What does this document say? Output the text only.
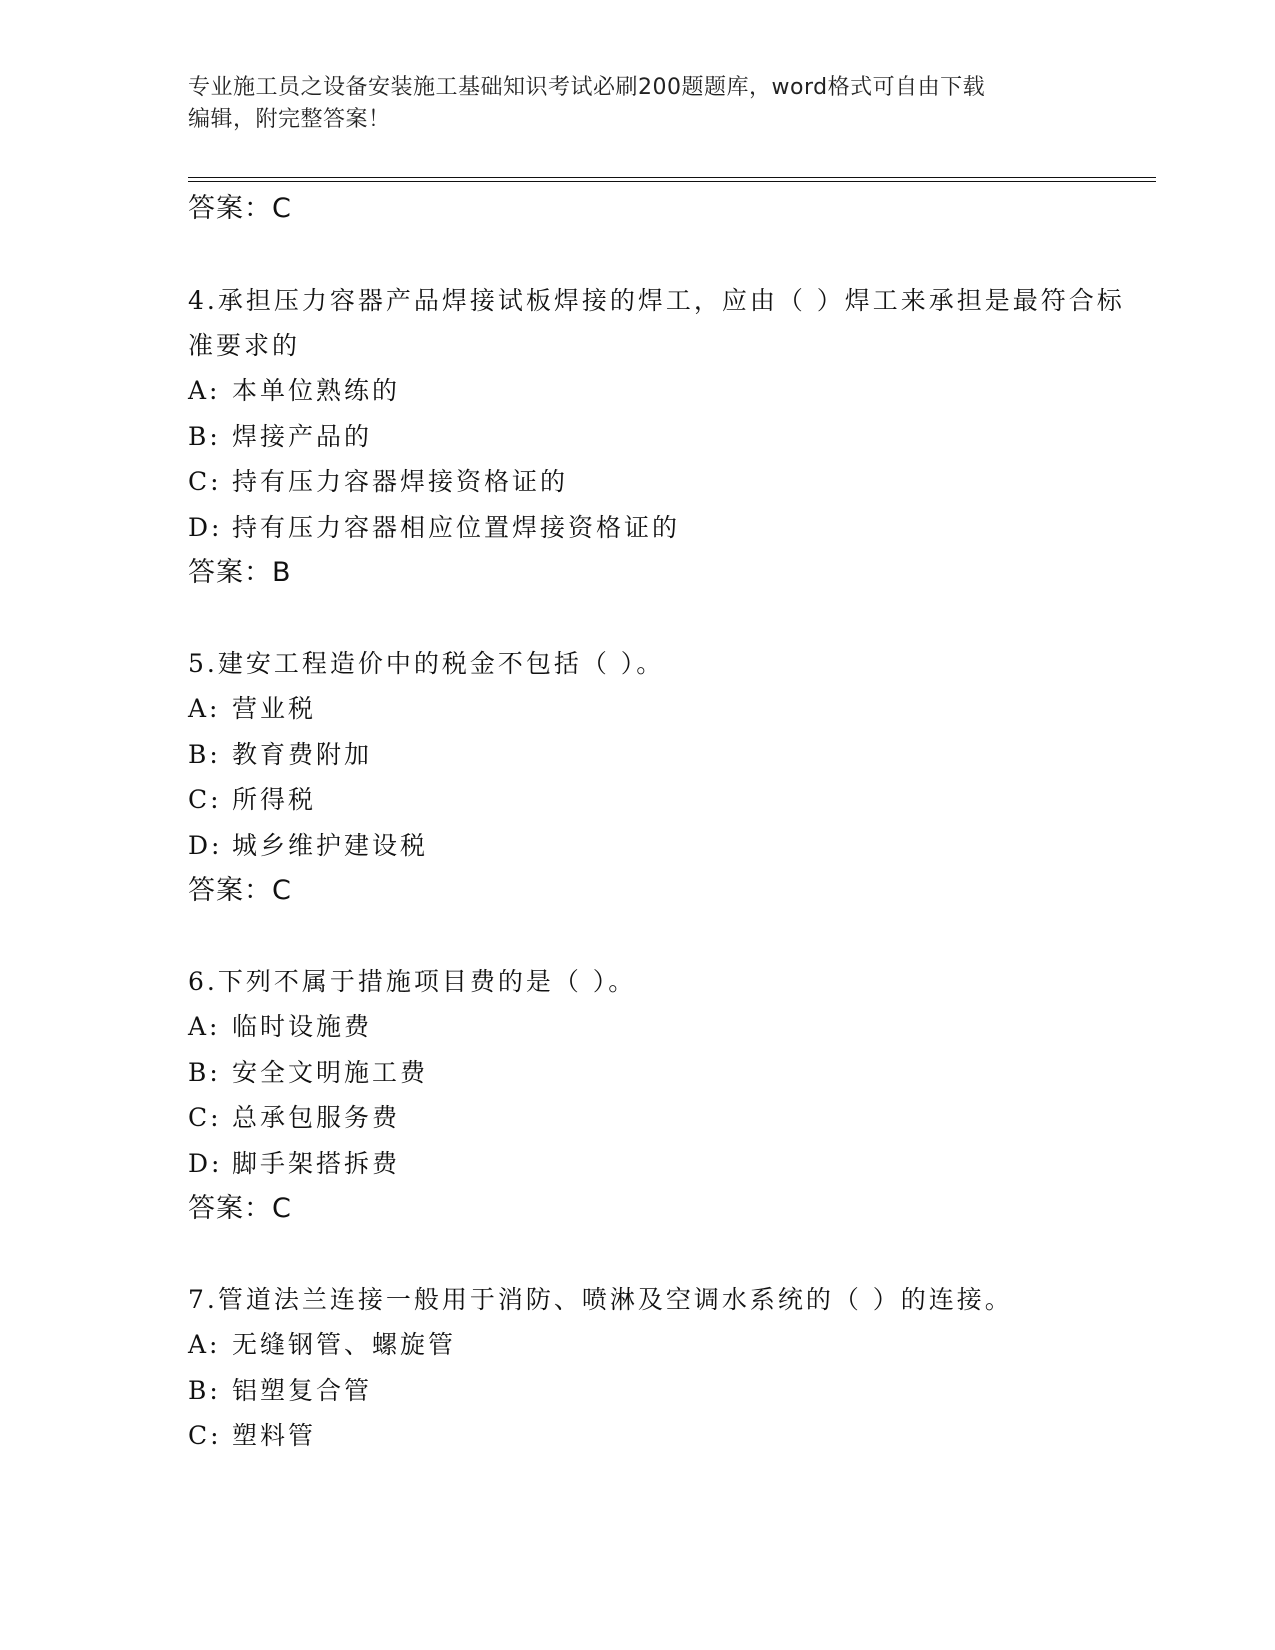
专业施工员之设备安装施工基础知识考试必刷200题题库，word格式可自由下载
编辑，附完整答案！
答案：C
4.承担压力容器产品焊接试板焊接的焊工，应由（ ）焊工来承担是最符合标准要求的
A: 本单位熟练的
B: 焊接产品的
C: 持有压力容器焊接资格证的
D: 持有压力容器相应位置焊接资格证的
答案：B
5.建安工程造价中的税金不包括（ ）。
A: 营业税
B: 教育费附加
C: 所得税
D: 城乡维护建设税
答案：C
6.下列不属于措施项目费的是（ ）。
A: 临时设施费
B: 安全文明施工费
C: 总承包服务费
D: 脚手架搭拆费
答案：C
7.管道法兰连接一般用于消防、喷淋及空调水系统的（ ）的连接。
A: 无缝钢管、螺旋管
B: 铝塑复合管
C: 塑料管
